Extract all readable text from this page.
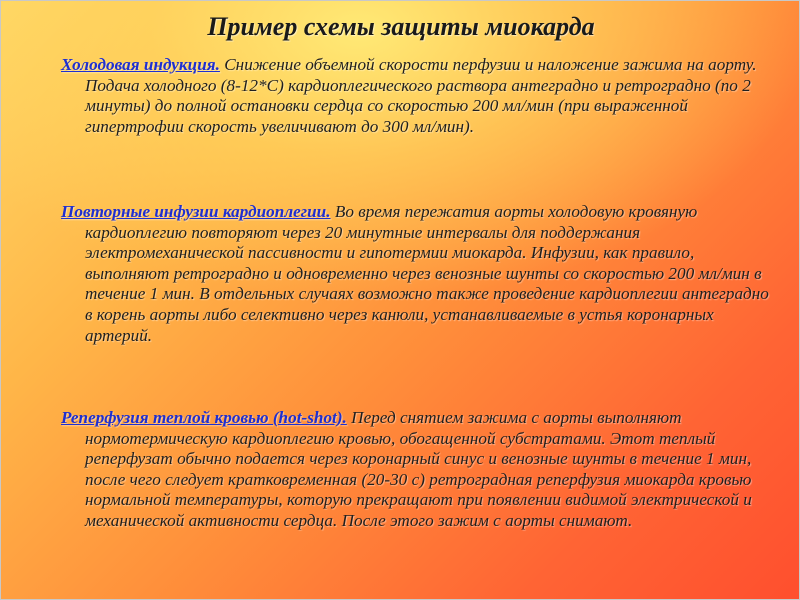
Пример схемы защиты миокарда

Холодовая индукция. Снижение объемной скорости перфузии и наложение зажима на аорту. Подача холодного (8-12*С) кардиоплегического раствора антеградно и ретроградно (по 2 минуты) до полной остановки сердца со скоростью 200 мл/мин (при выраженной гипертрофии скорость увеличивают до 300 мл/мин).

Повторные инфузии кардиоплегии. Во время пережатия аорты холодовую кровяную кардиоплегию повторяют через 20 минутные интервалы для поддержания электромеханической пассивности и гипотермии миокарда. Инфузии, как правило, выполняют ретроградно и одновременно через венозные шунты со скоростью 200 мл/мин в течение 1 мин. В отдельных случаях возможно также проведение кардиоплегии антеградно в корень аорты либо селективно через канюли, устанавливаемые в устья коронарных артерий.

Реперфузия теплой кровью (hot-shot). Перед снятием зажима с аорты выполняют нормотермическую кардиоплегию кровью, обогащенной субстратами. Этот теплый реперфузат обычно подается через коронарный синус и венозные шунты в течение 1 мин, после чего следует кратковременная (20-30 с) ретроградная реперфузия миокарда кровью нормальной температуры, которую прекращают при появлении видимой электрической и механической активности сердца. После этого зажим с аорты снимают.
